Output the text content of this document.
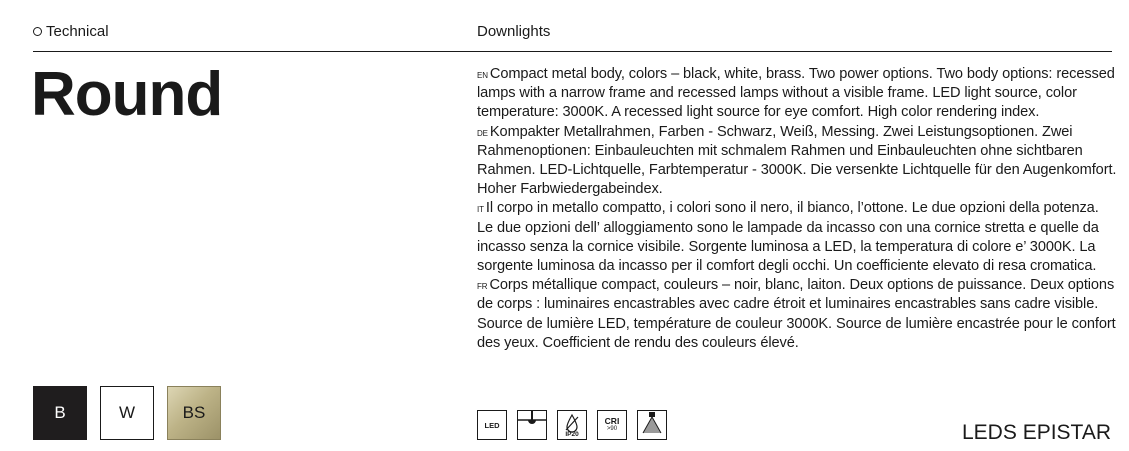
Technical	Downlights
Round	$^{EN}$ Compact metal body, colors – black, white, brass. Two power options. Two body options: recessed lamps with a narrow frame and recessed lamps without a visible frame. LED light source, color temperature: 3000K. A recessed light source for eye comfort. High color rendering index.
$^{DE}$ Kompakter Metallrahmen, Farben - Schwarz, Weiß, Messing. Zwei Leistungsoptionen. Zwei Rahmenoptionen: Einbauleuchten mit schmalem Rahmen und Einbauleuchten ohne sichtbaren Rahmen. LED-Lichtquelle, Farbtemperatur - 3000K. Die versenkte Lichtquelle für den Augenkomfort. Hoher Farbwiedergabeindex.
$^{IT}$ Il corpo in metallo compatto, i colori sono il nero, il bianco, l’ottone. Le due opzioni della potenza. Le due opzioni dell’ alloggiamento sono le lampade da incasso con una cornice stretta e quelle da incasso senza la cornice visibile. Sorgente luminosa a LED, la temperatura di colore e’ 3000K. La sorgente luminosa da incasso per il comfort degli occhi. Un coefficiente elevato di resa cromatica.
$^{FR}$ Corps métallique compact, couleurs – noir, blanc, laiton. Deux options de puissance. Deux options de corps : luminaires encastrables avec cadre étroit et luminaires encastrables sans cadre visible. Source de lumière LED, température de couleur 3000K. Source de lumière encastrée pour le confort des yeux. Coefficient de rendu des couleurs élevé.
B	W	BS
LED
IP20
CRI
>90	LEDS EPISTAR
